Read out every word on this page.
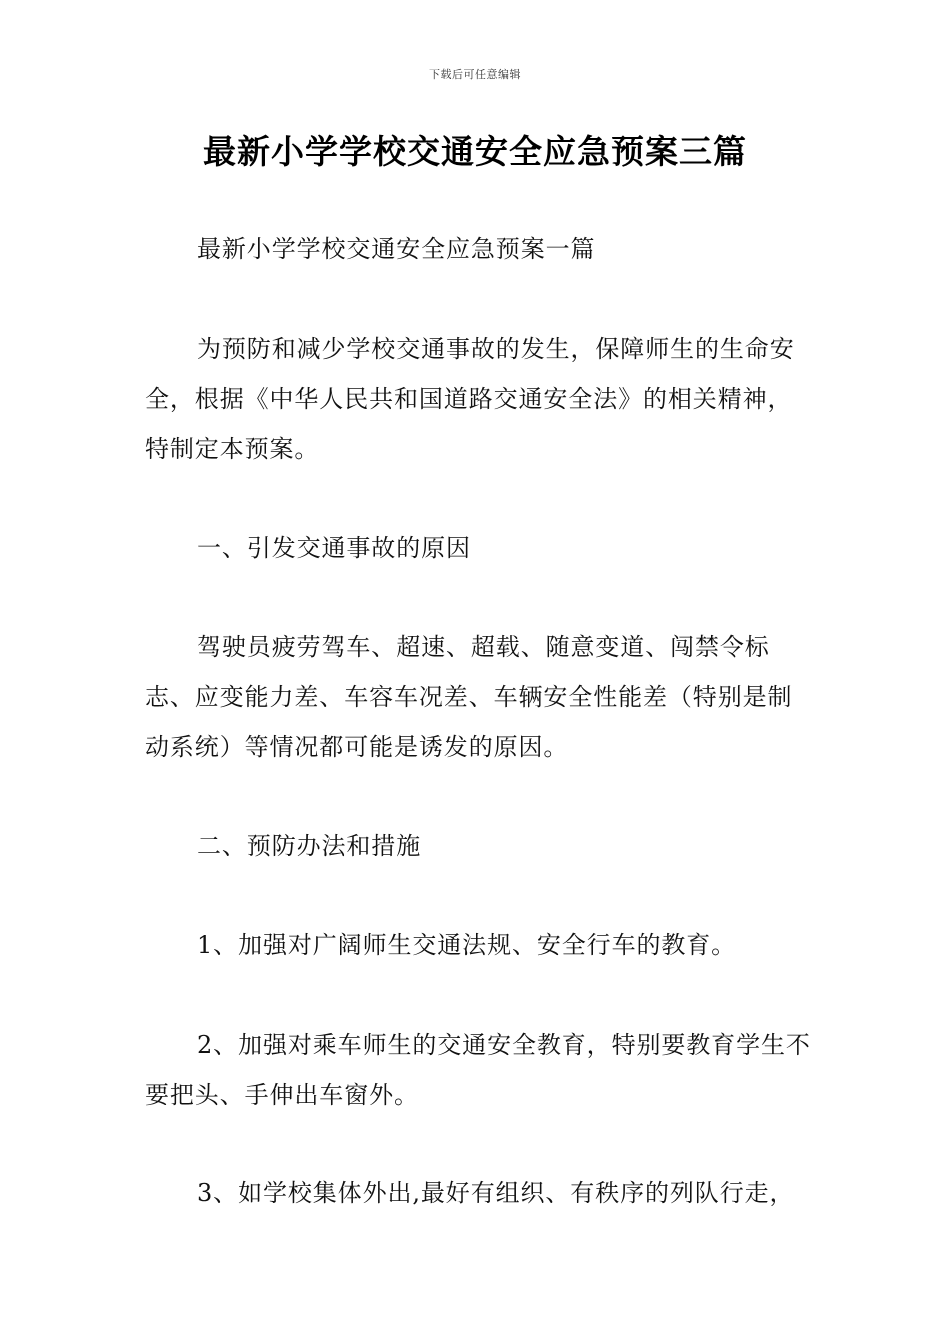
下载后可任意编辑
最新小学学校交通安全应急预案三篇

最新小学学校交通安全应急预案一篇

为预防和减少学校交通事故的发生，保障师生的生命安全，根据《中华人民共和国道路交通安全法》的相关精神，特制定本预案。

一、引发交通事故的原因

驾驶员疲劳驾车、超速、超载、随意变道、闯禁令标志、应变能力差、车容车况差、车辆安全性能差（特别是制动系统）等情况都可能是诱发的原因。

二、预防办法和措施

1、加强对广阔师生交通法规、安全行车的教育。

2、加强对乘车师生的交通安全教育，特别要教育学生不要把头、手伸出车窗外。

3、如学校集体外出,最好有组织、有秩序的列队行走，
